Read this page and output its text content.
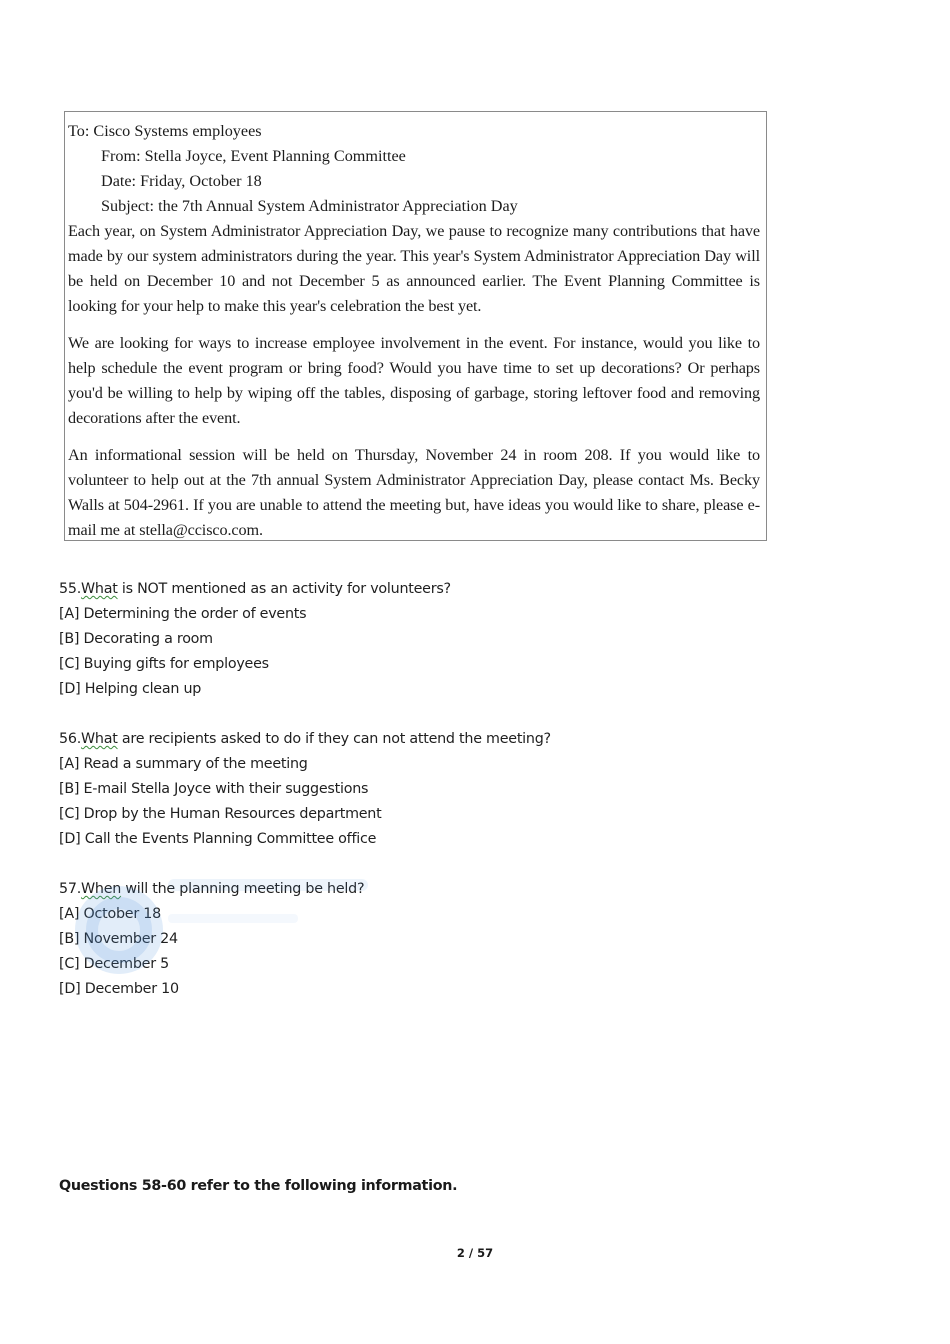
To: Cisco Systems employees
From: Stella Joyce, Event Planning Committee
Date: Friday, October 18
Subject: the 7th Annual System Administrator Appreciation Day

Each year, on System Administrator Appreciation Day, we pause to recognize many contributions that have made by our system administrators during the year. This year's System Administrator Appreciation Day will be held on December 10 and not December 5 as announced earlier. The Event Planning Committee is looking for your help to make this year's celebration the best yet.

We are looking for ways to increase employee involvement in the event. For instance, would you like to help schedule the event program or bring food? Would you have time to set up decorations? Or perhaps you'd be willing to help by wiping off the tables, disposing of garbage, storing leftover food and removing decorations after the event.

An informational session will be held on Thursday, November 24 in room 208. If you would like to volunteer to help out at the 7th annual System Administrator Appreciation Day, please contact Ms. Becky Walls at 504-2961. If you are unable to attend the meeting but, have ideas you would like to share, please e-mail me at stella@ccisco.com.

55.What is NOT mentioned as an activity for volunteers?
[A] Determining the order of events
[B] Decorating a room
[C] Buying gifts for employees
[D] Helping clean up
56.What are recipients asked to do if they can not attend the meeting?
[A] Read a summary of the meeting
[B] E-mail Stella Joyce with their suggestions
[C] Drop by the Human Resources department
[D] Call the Events Planning Committee office
57.When will the planning meeting be held?
[A] October 18
[B] November 24
[C] December 5
[D] December 10
Questions 58-60 refer to the following information.
2 / 57
